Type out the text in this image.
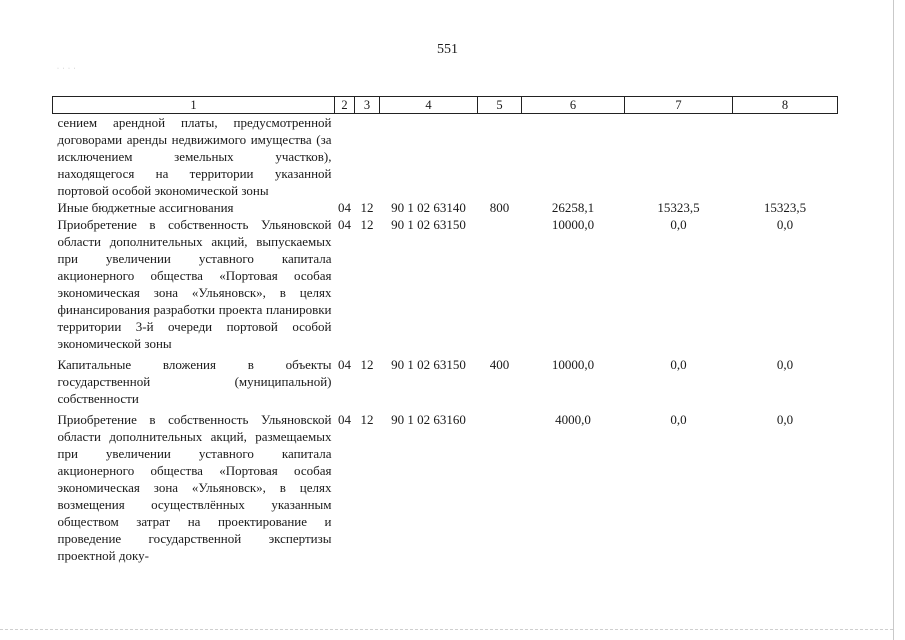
551
· · · ·
1	2	3	4	5	6	7	8
сением арендной платы, предусмотренной договорами аренды недвижимого имущества (за исключением земельных участков), находящегося на территории указанной портовой особой экономической зоны							
Иные бюджетные ассигнования	04	12	90 1 02 63140	800	26258,1	15323,5	15323,5
Приобретение в собственность Ульяновской области дополнительных акций, выпускаемых при увеличении уставного капитала акционерного общества «Портовая особая экономическая зона «Ульяновск», в целях финансирования разработки проекта планировки территории 3-й очереди портовой особой экономической зоны	04	12	90 1 02 63150		10000,0	0,0	0,0
Капитальные вложения в объекты государственной (муниципальной) собственности	04	12	90 1 02 63150	400	10000,0	0,0	0,0
Приобретение в собственность Ульяновской области дополнительных акций, размещаемых при увеличении уставного капитала акционерного общества «Портовая особая экономическая зона «Ульяновск», в целях возмещения осуществлённых указанным обществом затрат на проектирование и проведение государственной экспертизы проектной доку-	04	12	90 1 02 63160		4000,0	0,0	0,0
